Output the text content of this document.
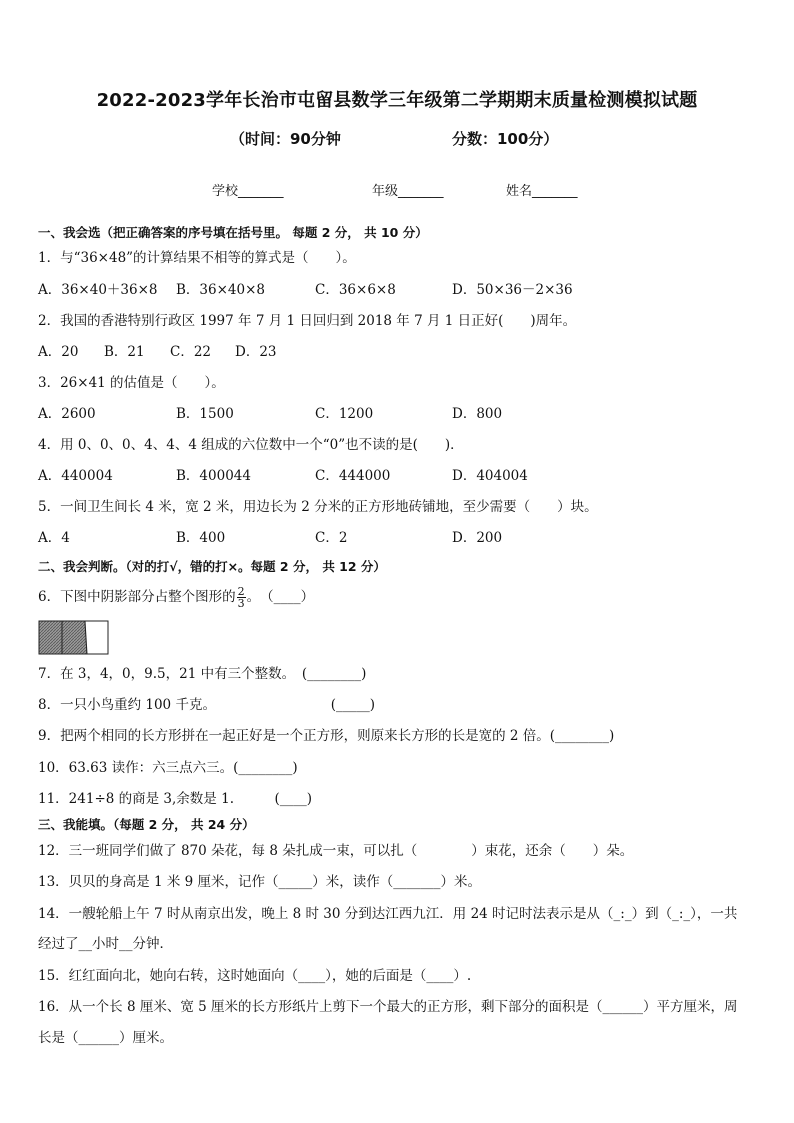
2022-2023学年长治市屯留县数学三年级第二学期期末质量检测模拟试题
（时间：90分钟	分数：100分）
学校_______	年级_______	姓名_______
一、我会选（把正确答案的序号填在括号里。 每题 2 分， 共 10 分）
1．与“36×48”的计算结果不相等的算式是（　　）。
A．36×40＋36×8 B．36×40×8	C．36×6×8	D．50×36－2×36
2．我国的香港特别行政区 1997 年 7 月 1 日回归到 2018 年 7 月 1 日正好(　　)周年。
A．20 B．21 C．22 D．23
3．26×41 的估值是（　　）。
A．2600	B．1500	C．1200	D．800
4．用 0、0、0、4、4、4 组成的六位数中一个“0”也不读的是(　　)．
A．440004	B．400044	C．444000	D．404004
5．一间卫生间长 4 米，宽 2 米，用边长为 2 分米的正方形地砖铺地，至少需要（　　）块。
A．4	B．400	C．2	D．200
二、我会判断。（对的打√，错的打×。每题 2 分， 共 12 分）
6．下图中阴影部分占整个图形的 $\frac{2}{3}$ 。　（____）
7．在 3，4，0，9.5，21 中有三个整数。　(________)
8．一只小鸟重约 100 千克。　　　　　　　　　(_____)
9．把两个相同的长方形拼在一起正好是一个正方形，则原来长方形的长是宽的 2 倍。(________)
10．63.63 读作：六三点六三。(________)
11．241÷8 的商是 3,余数是 1.　　　(____)
三、我能填。（每题 2 分， 共 24 分）
12．三一班同学们做了 870 朵花，每 8 朵扎成一束，可以扎（　　　　）束花，还余（　　）朵。
13．贝贝的身高是 1 米 9 厘米，记作（_____）米，读作（_______）米。
14．一艘轮船上午 7 时从南京出发，晚上 8 时 30 分到达江西九江．用 24 时记时法表示是从（_:_）到（_:_），一共
经过了__小时__分钟．
15．红红面向北，她向右转，这时她面向（____），她的后面是（____）.
16．从一个长 8 厘米、宽 5 厘米的长方形纸片上剪下一个最大的正方形，剩下部分的面积是（______）平方厘米，周
长是（______）厘米。
